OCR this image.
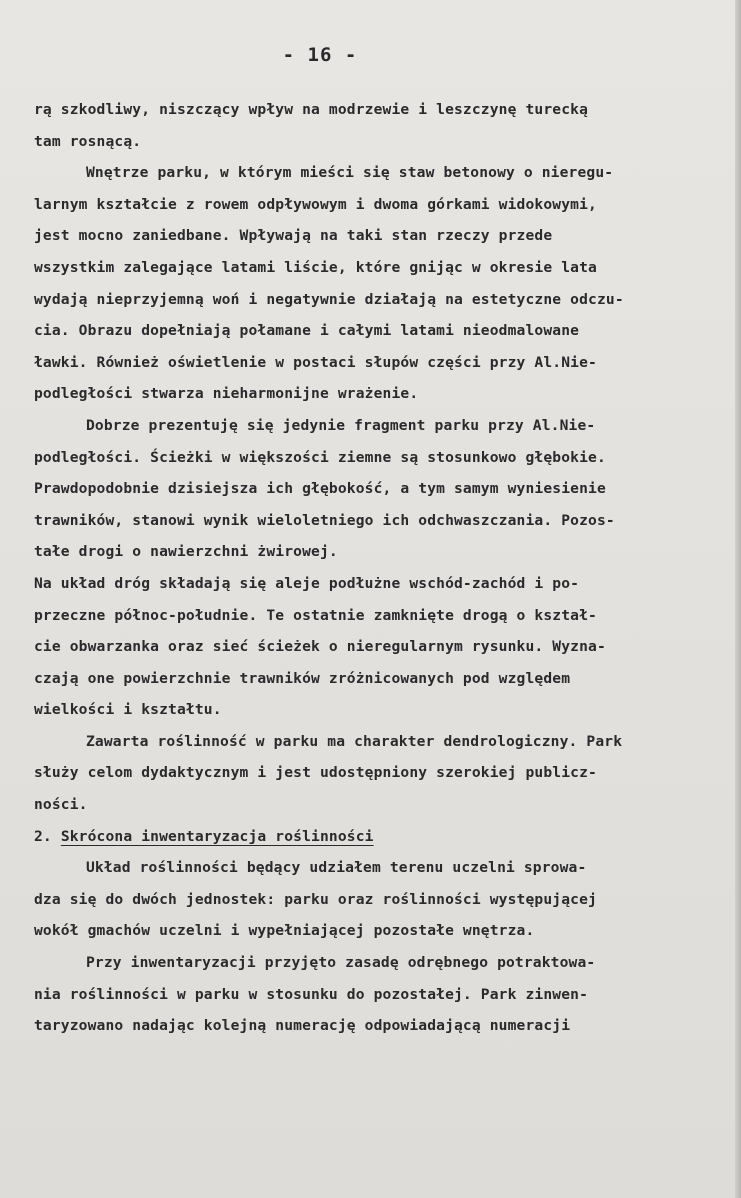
- 16 -
rą szkodliwy, niszczący wpływ na modrzewie i leszczynę turecką
tam rosnącą.
Wnętrze parku, w którym mieści się staw betonowy o nieregu-
larnym kształcie z rowem odpływowym i dwoma górkami widokowymi,
jest mocno zaniedbane. Wpływają na taki stan rzeczy przede
wszystkim zalegające latami liście, które gnijąc w okresie lata
wydają nieprzyjemną woń i negatywnie działają na estetyczne odczu-
cia. Obrazu dopełniają połamane i całymi latami nieodmalowane
ławki. Również oświetlenie w postaci słupów części przy Al.Nie-
podległości stwarza nieharmonijne wrażenie.
Dobrze prezentuję się jedynie fragment parku przy Al.Nie-
podległości. Ścieżki w większości ziemne są stosunkowo głębokie.
Prawdopodobnie dzisiejsza ich głębokość, a tym samym wyniesienie
trawników, stanowi wynik wieloletniego ich odchwaszczania. Pozos-
tałe drogi o nawierzchni żwirowej.
Na układ dróg składają się aleje podłużne wschód-zachód i po-
przeczne północ-południe. Te ostatnie zamknięte drogą o kształ-
cie obwarzanka oraz sieć ścieżek o nieregularnym rysunku. Wyzna-
czają one powierzchnie trawników zróżnicowanych pod względem
wielkości i kształtu.
Zawarta roślinność w parku ma charakter dendrologiczny. Park
służy celom dydaktycznym i jest udostępniony szerokiej publicz-
ności.
2. Skrócona inwentaryzacja roślinności
Układ roślinności będący udziałem terenu uczelni sprowa-
dza się do dwóch jednostek: parku oraz roślinności występującej
wokół gmachów uczelni i wypełniającej pozostałe wnętrza.
Przy inwentaryzacji przyjęto zasadę odrębnego potraktowa-
nia roślinności w parku w stosunku do pozostałej. Park zinwen-
taryzowano nadając kolejną numerację odpowiadającą numeracji
